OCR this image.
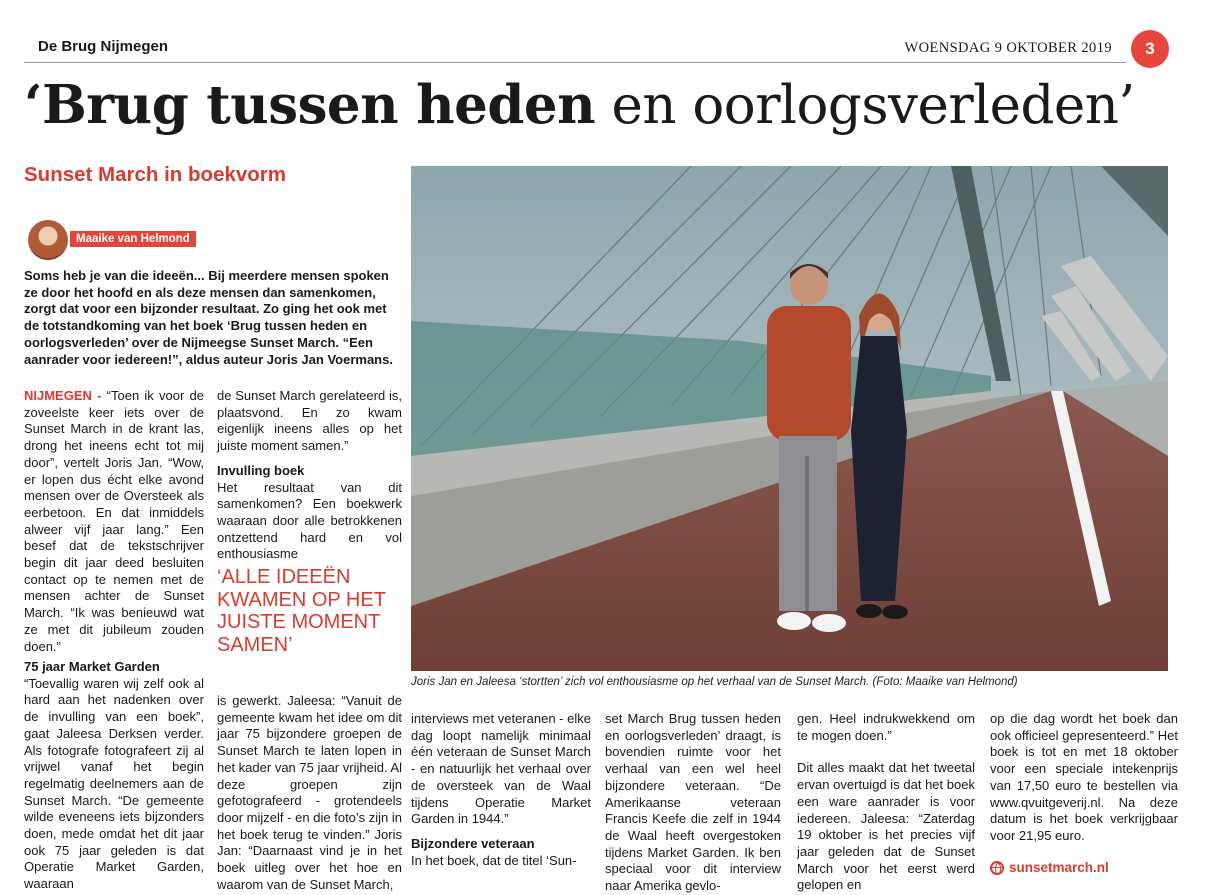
De Brug Nijmegen	WOENSDAG 9 OKTOBER 2019	3
‘Brug tussen heden en oorlogsverleden’
Sunset March in boekvorm
Maaike van Helmond

Soms heb je van die ideeën... Bij meerdere mensen spoken ze door het hoofd en als deze mensen dan samenkomen, zorgt dat voor een bijzonder resultaat. Zo ging het ook met de totstandkoming van het boek ‘Brug tussen heden en oorlogsverleden’ over de Nijmeegse Sunset March. “Een aanrader voor iedereen!”, aldus auteur Joris Jan Voermans.

NIJMEGEN - “Toen ik voor de zoveelste keer iets over de Sunset March in de krant las, drong het ineens echt tot mij door”, vertelt Joris Jan. “Wow, er lopen dus écht elke avond mensen over de Oversteek als eerbetoon. En dat inmiddels alweer vijf jaar lang.” Een besef dat de tekstschrijver begin dit jaar deed besluiten contact op te nemen met de mensen achter de Sunset March. “Ik was benieuwd wat ze met dit jubileum zouden doen.”

75 jaar Market Garden

“Toevallig waren wij zelf ook al hard aan het nadenken over de invulling van een boek”, gaat Jaleesa Derksen verder. Als fotografe fotografeert zij al vrijwel vanaf het begin regelmatig deelnemers aan de Sunset March. “De gemeente wilde eveneens iets bijzonders doen, mede omdat het dit jaar ook 75 jaar geleden is dat Operatie Market Garden, waaraan

de Sunset March gerelateerd is, plaatsvond. En zo kwam eigenlijk ineens alles op het juiste moment samen.”

Invulling boek

Het resultaat van dit samenkomen? Een boekwerk waaraan door alle betrokkenen ontzettend hard en vol enthousiasme

‘ALLE IDEEËN KWAMEN OP HET JUISTE MOMENT SAMEN’

is gewerkt. Jaleesa: “Vanuit de gemeente kwam het idee om dit jaar 75 bijzondere groepen de Sunset March te laten lopen in het kader van 75 jaar vrijheid. Al deze groepen zijn gefotografeerd - grotendeels door mijzelf - en die foto’s zijn in het boek terug te vinden.” Joris Jan: “Daarnaast vind je in het boek uitleg over het hoe en waarom van de Sunset March,

Joris Jan en Jaleesa ‘stortten’ zich vol enthousiasme op het verhaal van de Sunset March. (Foto: Maaike van Helmond)

interviews met veteranen - elke dag loopt namelijk minimaal één veteraan de Sunset March - en natuurlijk het verhaal over de oversteek van de Waal tijdens Operatie Market Garden in 1944.”

Bijzondere veteraan

In het boek, dat de titel ‘Sun-

set March Brug tussen heden en oorlogsverleden’ draagt, is bovendien ruimte voor het verhaal van een wel heel bijzondere veteraan. “De Amerikaanse veteraan Francis Keefe die zelf in 1944 de Waal heeft overgestoken tijdens Market Garden. Ik ben speciaal voor dit interview naar Amerika gevlo-

gen. Heel indrukwekkend om te mogen doen.”

Dit alles maakt dat het tweetal ervan overtuigd is dat het boek een ware aanrader is voor iedereen. Jaleesa: “Zaterdag 19 oktober is het precies vijf jaar geleden dat de Sunset March voor het eerst werd gelopen en

op die dag wordt het boek dan ook officieel gepresenteerd.” Het boek is tot en met 18 oktober voor een speciale intekenprijs van 17,50 euro te bestellen via www.qvuitgeverij.nl. Na deze datum is het boek verkrijgbaar voor 21,95 euro.

sunsetmarch.nl
